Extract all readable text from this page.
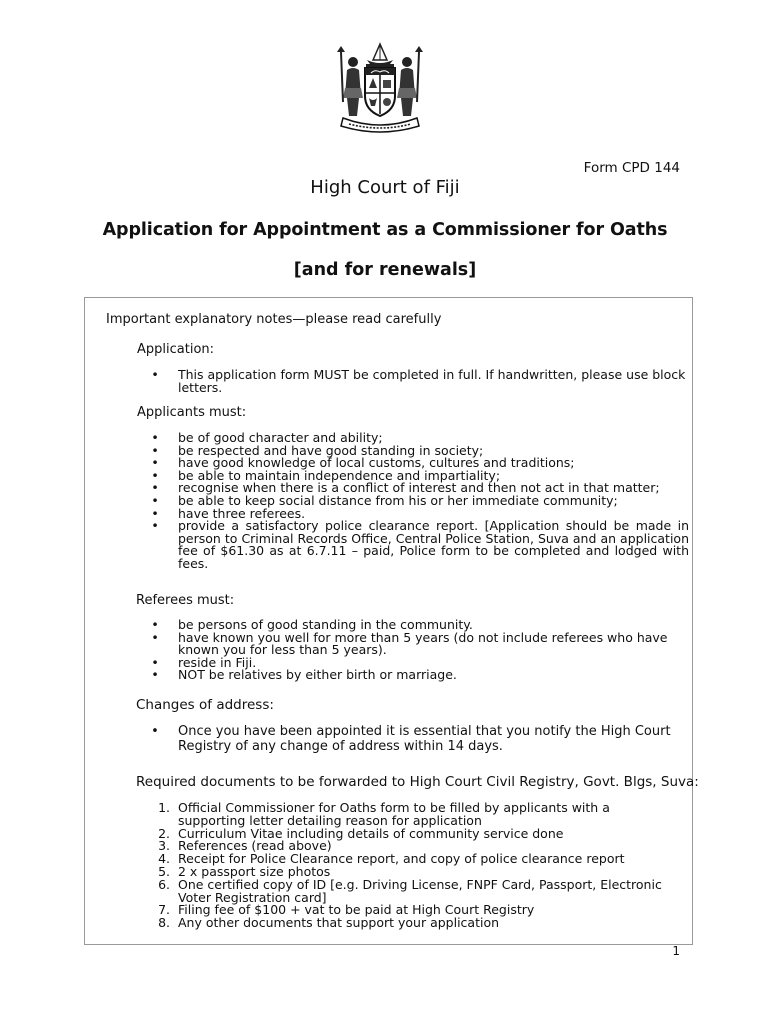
Form CPD 144
High Court of Fiji
Application for Appointment as a Commissioner for Oaths
[and for renewals]
Important explanatory notes—please read carefully
Application:
• This application form MUST be completed in full. If handwritten, please use block letters.
Applicants must:
• be of good character and ability;
• be respected and have good standing in society;
• have good knowledge of local customs, cultures and traditions;
• be able to maintain independence and impartiality;
• recognise when there is a conflict of interest and then not act in that matter;
• be able to keep social distance from his or her immediate community;
• have three referees.
• provide a satisfactory police clearance report. [Application should be made in person to Criminal Records Office, Central Police Station, Suva and an application fee of $61.30 as at 6.7.11 – paid, Police form to be completed and lodged with fees.
Referees must:
• be persons of good standing in the community.
• have known you well for more than 5 years (do not include referees who have known you for less than 5 years).
• reside in Fiji.
• NOT be relatives by either birth or marriage.
Changes of address:
• Once you have been appointed it is essential that you notify the High Court Registry of any change of address within 14 days.
Required documents to be forwarded to High Court Civil Registry, Govt. Blgs, Suva:
1. Official Commissioner for Oaths form to be filled by applicants with a supporting letter detailing reason for application
2. Curriculum Vitae including details of community service done
3. References (read above)
4. Receipt for Police Clearance report, and copy of police clearance report
5. 2 x passport size photos
6. One certified copy of ID [e.g. Driving License, FNPF Card, Passport, Electronic Voter Registration card]
7. Filing fee of $100 + vat to be paid at High Court Registry
8. Any other documents that support your application
1
